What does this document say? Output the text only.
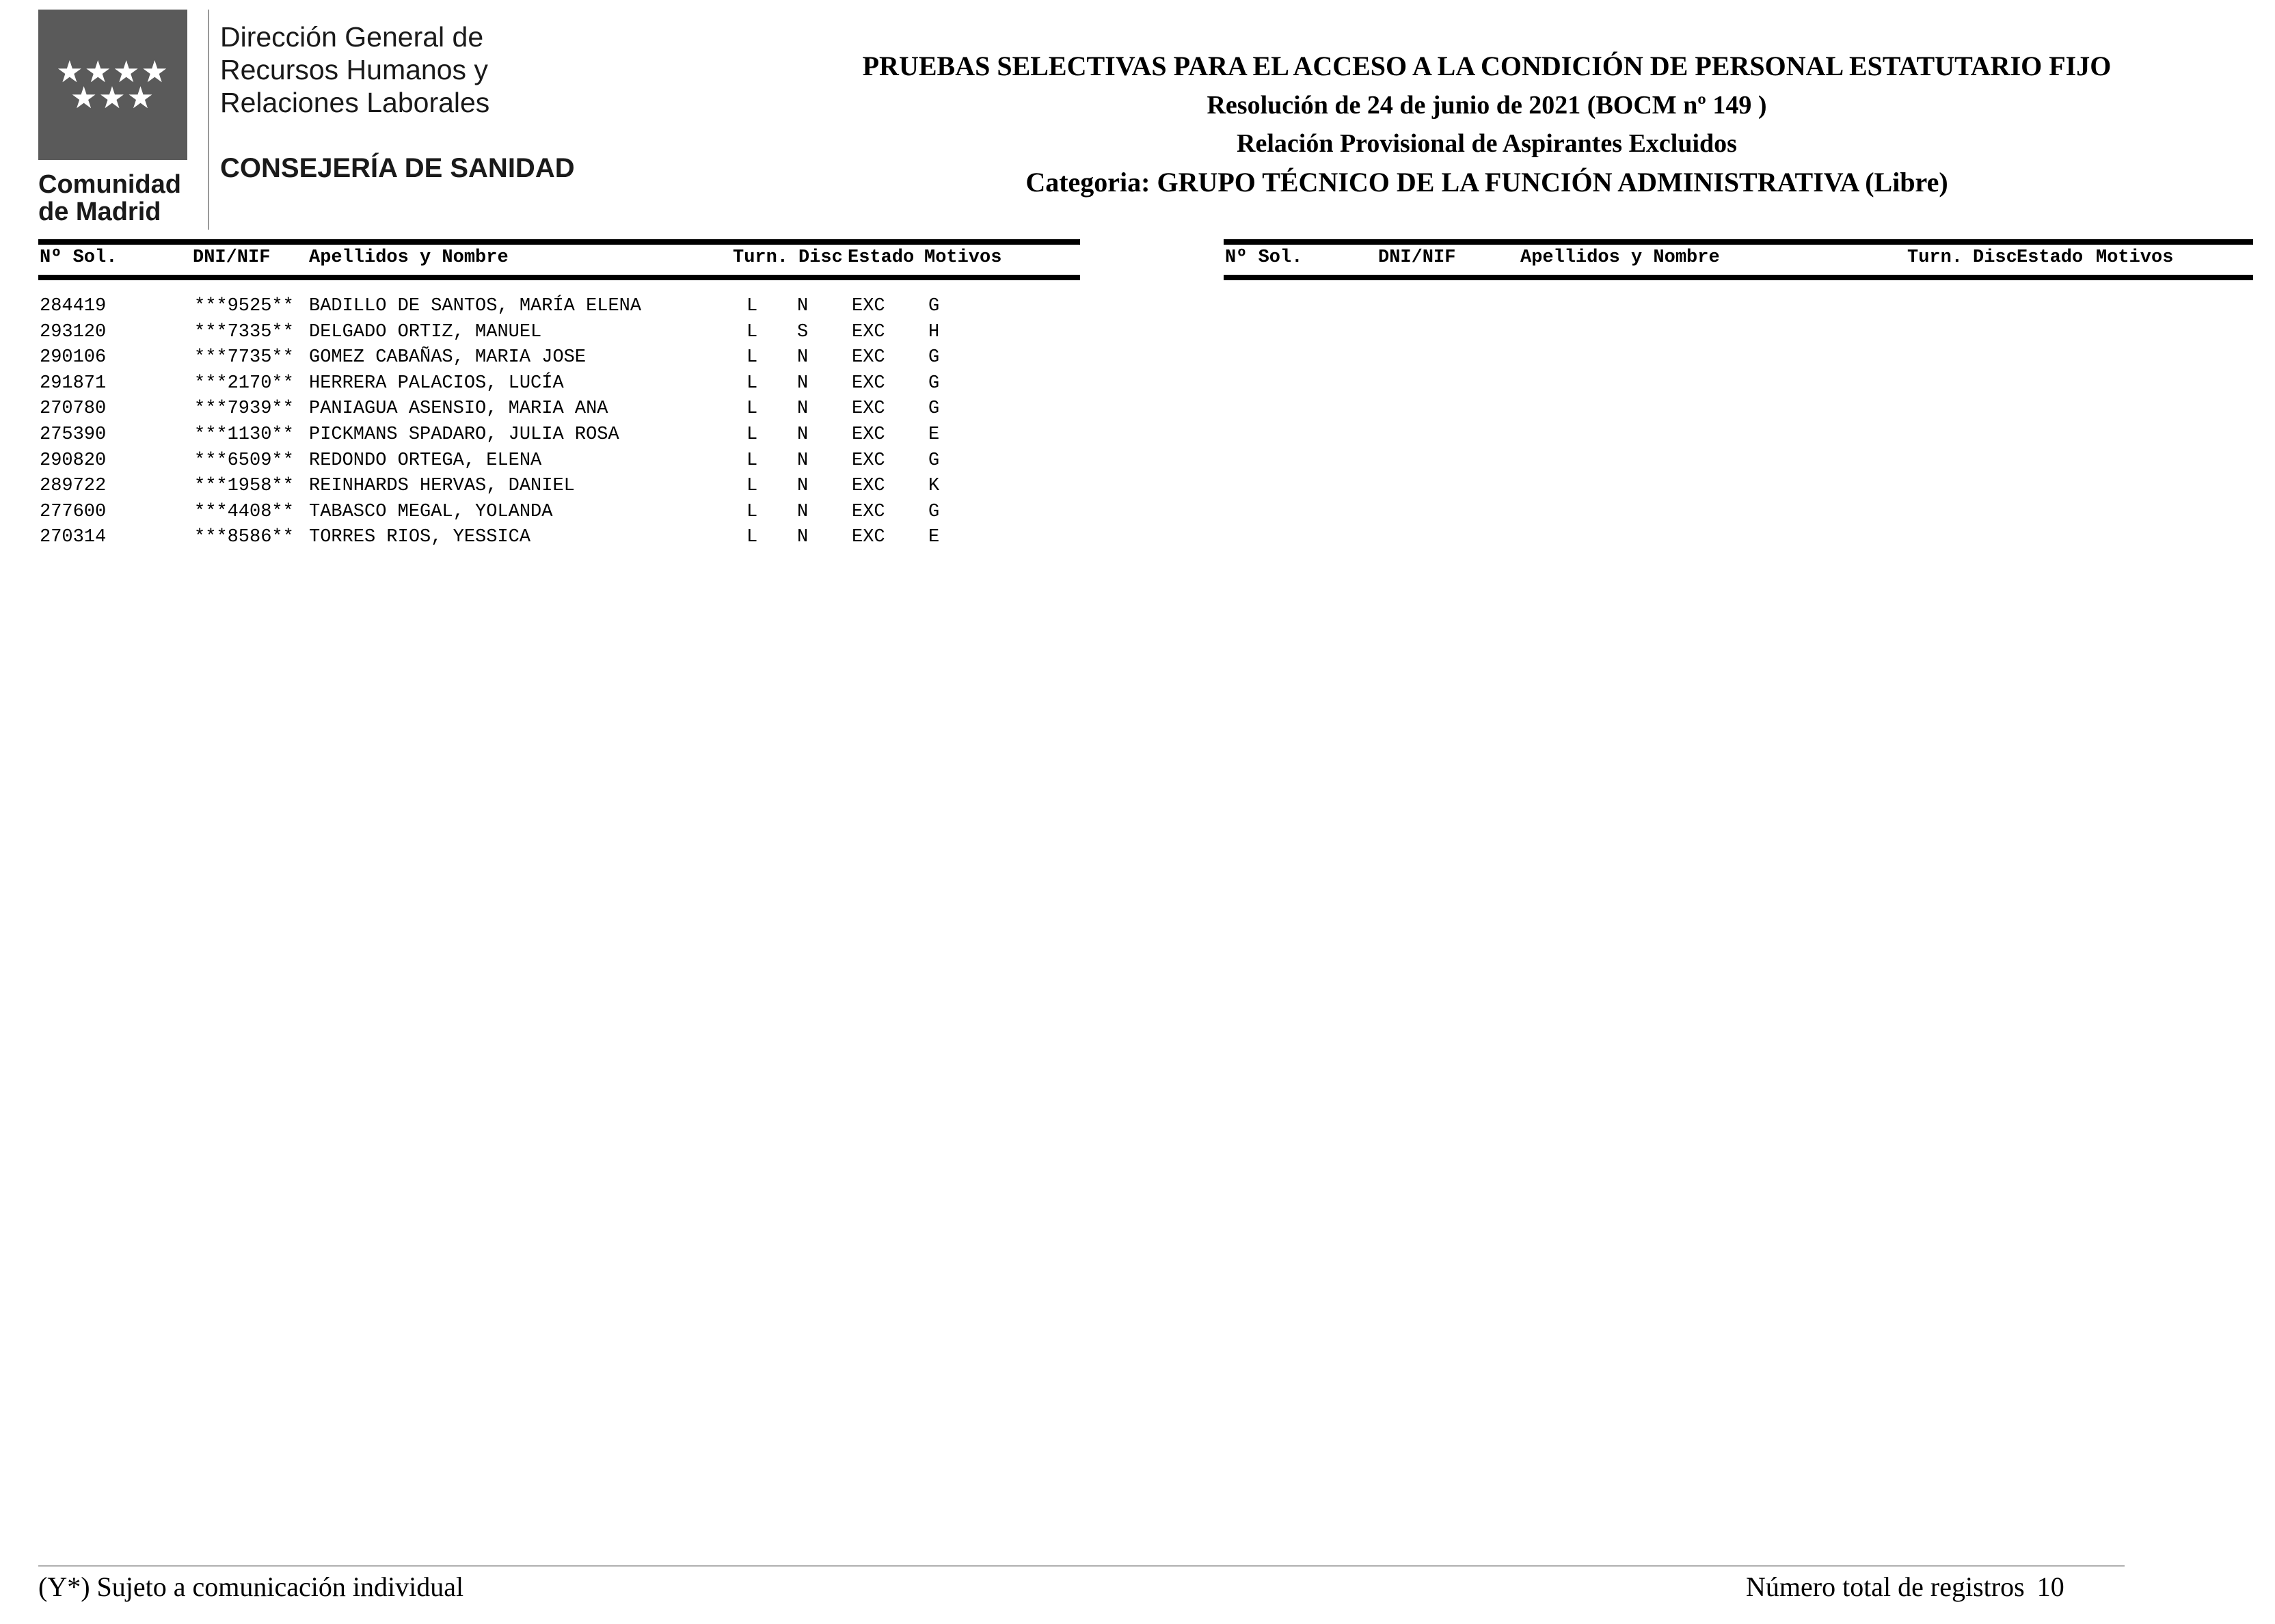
★★★★
★★★
Comunidad
de Madrid
Dirección General de
Recursos Humanos y
Relaciones Laborales
CONSEJERÍA DE SANIDAD
PRUEBAS SELECTIVAS PARA EL ACCESO A LA CONDICIÓN DE PERSONAL ESTATUTARIO FIJO
Resolución de 24 de junio de 2021 (BOCM nº 149 )
Relación Provisional de Aspirantes Excluidos
Categoria: GRUPO TÉCNICO DE LA FUNCIÓN ADMINISTRATIVA (Libre)
Nº Sol.	DNI/NIF Apellidos y Nombre	Turn. Disc Estado Motivos
284419	***9525** BADILLO DE SANTOS, MARÍA ELENA	L N EXC G
293120	***7335** DELGADO ORTIZ, MANUEL	L S EXC H
290106	***7735** GOMEZ CABAÑAS, MARIA JOSE	L N EXC G
291871	***2170** HERRERA PALACIOS, LUCÍA	L N EXC G
270780	***7939** PANIAGUA ASENSIO, MARIA ANA	L N EXC G
275390	***1130** PICKMANS SPADARO, JULIA ROSA	L N EXC E
290820	***6509** REDONDO ORTEGA, ELENA	L N EXC G
289722	***1958** REINHARDS HERVAS, DANIEL	L N EXC K
277600	***4408** TABASCO MEGAL, YOLANDA	L N EXC G
270314	***8586** TORRES RIOS, YESSICA	L N EXC E
Nº Sol.	DNI/NIF	Apellidos y Nombre	Turn. Disc Estado Motivos
(Y*) Sujeto a comunicación individual	Número total de registros 10
